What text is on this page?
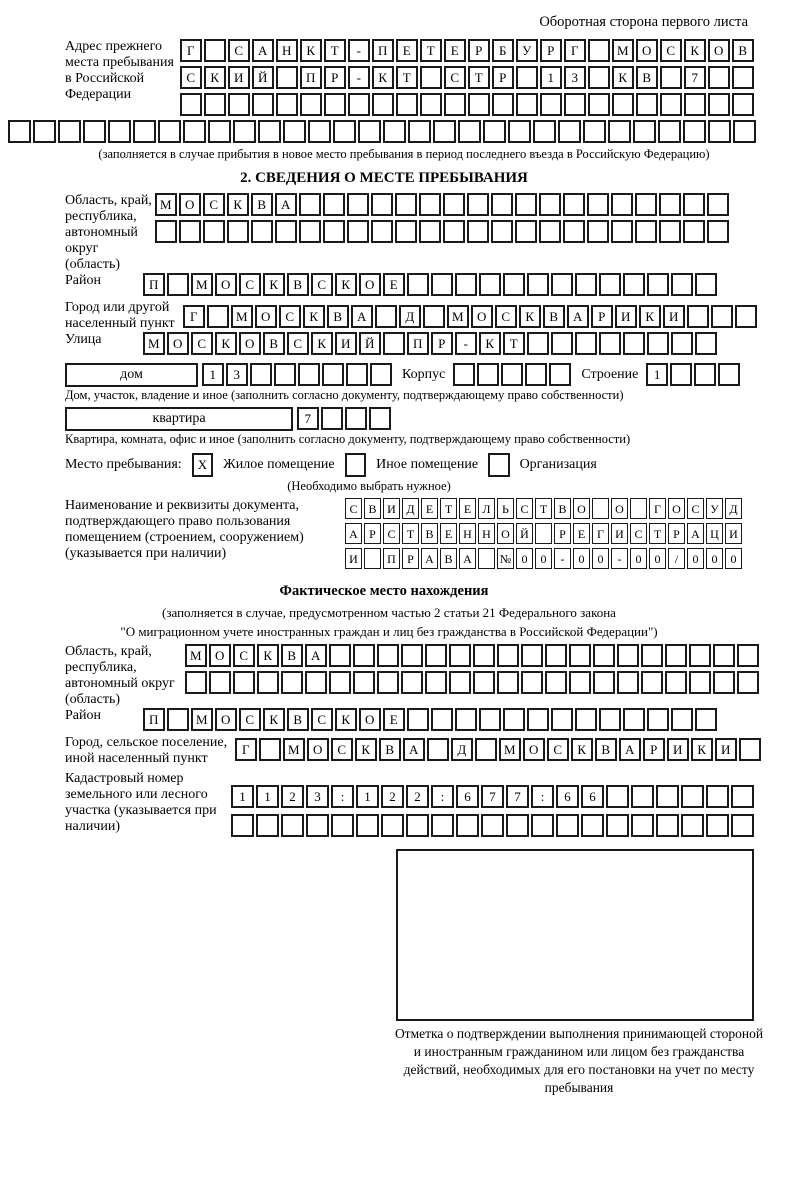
Оборотная сторона первого листа
Адрес прежнего места пребывания в Российской Федерации
Г	С	А	Н	К	Т	-	П	Е	Т	Е	Р	Б	У	Р	Г	М	О	С	К	О	В
С	К	И	Й	П	Р	-	К	Т	С	Т	Р	1	3	К	В	7
(заполняется в случае прибытия в новое место пребывания в период последнего въезда в Российскую Федерацию)
2. СВЕДЕНИЯ О МЕСТЕ ПРЕБЫВАНИЯ
Область, край, республика, автономный округ (область)
М	О	С	К	В	А
Район	П	М	О	С	К	В	С	К	О	Е
Город или другой населенный пункт	Г	М	О	С	К	В	А	Д	М	О	С	К	В	А	Р	И	К	И
Улица	М	О	С	К	О	В	С	К	И	Й	П	Р	-	К	Т
дом	1	3	Корпус	Строение	1
Дом, участок, владение и иное (заполнить согласно документу, подтверждающему право собственности)
квартира	7
Квартира, комната, офис и иное (заполнить согласно документу, подтверждающему право собственности)
Место пребывания:	X	Жилое помещение	Иное помещение	Организация
(Необходимо выбрать нужное)
Наименование и реквизиты документа, подтверждающего право пользования помещением (строением, сооружением) (указывается при наличии)
С В И Д Е Т Е Л Ь С Т В О	О	Г О С У Д
А Р С Т В Е Н Н О Й	Р Е Г И С Т Р А Ц И
И	П Р А В А	№ 0	0	-	0	0	-	0	0	/	0	0	0
Фактическое место нахождения
(заполняется в случае, предусмотренном частью 2 статьи 21 Федерального закона
"О миграционном учете иностранных граждан и лиц без гражданства в Российской Федерации")
Область, край, республика, автономный округ (область)
М	О	С	К	В	А
Район	П	М	О	С	К	В	С	К	О	Е
Город, сельское поселение, иной населенный пункт
Г	М	О	С	К	В	А	Д	М	О	С	К	В	А	Р	И	К	И
Кадастровый номер земельного или лесного участка (указывается при наличии)
1	1	2	3	:	1	2	2	:	6	7	7	:	6	6
Отметка о подтверждении выполнения принимающей стороной и иностранным гражданином или лицом без гражданства действий, необходимых для его постановки на учет по месту пребывания
